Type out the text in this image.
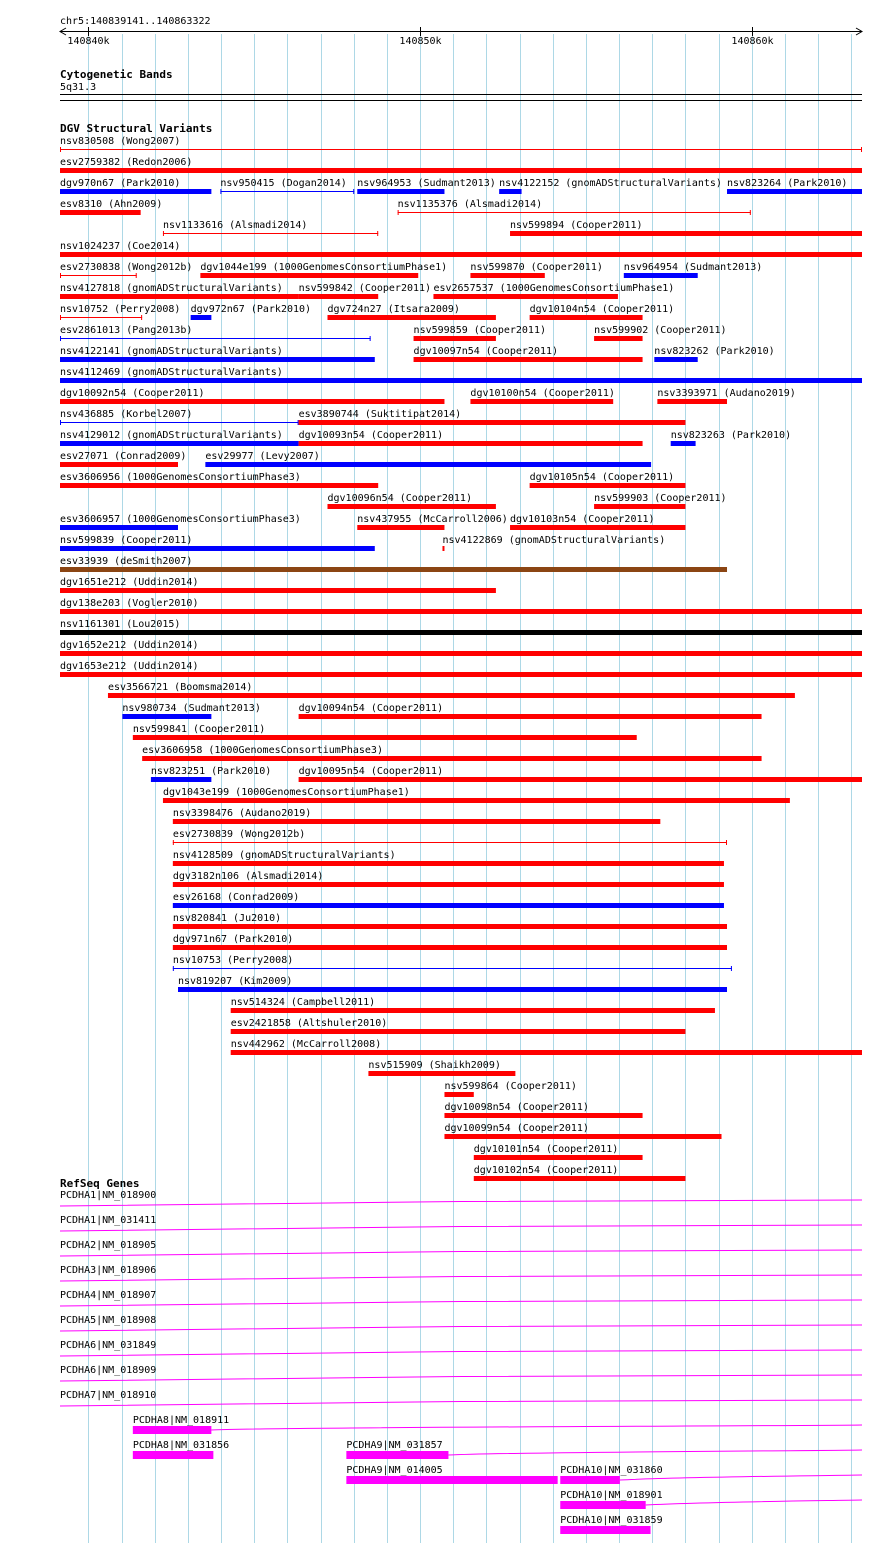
chr5:140839141..140863322
140840k	140850k	140860k
Cytogenetic Bands
5q31.3
DGV Structural Variants
nsv830508 (Wong2007)
esv2759382 (Redon2006)
dgv970n67 (Park2010)	nsv950415 (Dogan2014) nsv964953 (Sudmant2013) nsv4122152 (gnomADStructuralVariants) nsv823264 (Park2010)
esv8310 (Ahn2009)
nsv1133616 (Alsmadi2014)
nsv1135376 (Alsmadi2014)
nsv1024237 (Coe2014)
nsv599894 (Cooper2011)
esv2730838 (Wong2012b) dgv1044e199 (1000GenomesConsortiumPhase1) nsv599870 (Cooper2011) nsv964954 (Sudmant2013)
nsv4127818 (gnomADStructuralVariants) nsv599842 (Cooper2011) esv2657537 (1000GenomesConsortiumPhase1)
nsv10752 (Perry2008) dgv972n67 (Park2010) dgv724n27 (Itsara2009)	dgv10104n54 (Cooper2011)
esv2861013 (Pang2013b)	nsv599859 (Cooper2011)	nsv599902 (Cooper2011)
nsv4122141 (gnomADStructuralVariants)	dgv10097n54 (Cooper2011)	nsv823262 (Park2010)
nsv4112469 (gnomADStructuralVariants)
dgv10092n54 (Cooper2011)	dgv10100n54 (Cooper2011)	nsv3393971 (Audano2019)
nsv436885 (Korbel2007)	esv3890744 (Suktitipat2014)
nsv4129012 (gnomADStructuralVariants) dgv10093n54 (Cooper2011)	nsv823263 (Park2010)
esv27071 (Conrad2009) esv29977 (Levy2007)
esv3606956 (1000GenomesConsortiumPhase3)
dgv10096n54 (Cooper2011)
dgv10105n54 (Cooper2011)
esv3606957 (1000GenomesConsortiumPhase3)	nsv437955 (McCarroll2006)
nsv599903 (Cooper2011)
nsv599839 (Cooper2011)	nsv4122869 (gnomADStructuralVariants)
esv33939 (deSmith2007)
dgv1651e212 (Uddin2014)
dgv10103n54 (Cooper2011)
dgv138e203 (Vogler2010)
nsv1161301 (Lou2015)
dgv1652e212 (Uddin2014)
dgv1653e212 (Uddin2014)
esv3566721 (Boomsma2014)
nsv980734 (Sudmant2013)	dgv10094n54 (Cooper2011)
nsv599841 (Cooper2011)
esv3606958 (1000GenomesConsortiumPhase3)
nsv823251 (Park2010)	dgv10095n54 (Cooper2011)
dgv1043e199 (1000GenomesConsortiumPhase1)
nsv3398476 (Audano2019)
esv2730839 (Wong2012b)
nsv4128509 (gnomADStructuralVariants)
dgv3182n106 (Alsmadi2014)
esv26168 (Conrad2009)
nsv820841 (Ju2010)
dgv971n67 (Park2010)
nsv10753 (Perry2008)
nsv819207 (Kim2009)
nsv514324 (Campbell2011)
esv2421858 (Altshuler2010)
nsv442962 (McCarroll2008)
nsv515909 (Shaikh2009)
nsv599864 (Cooper2011)
dgv10098n54 (Cooper2011)
dgv10099n54 (Cooper2011)
dgv10101n54 (Cooper2011)
dgv10102n54 (Cooper2011)
RefSeq Genes
PCDHA1|NM_018900
PCDHA1|NM_031411
PCDHA2|NM_018905
PCDHA3|NM_018906
PCDHA4|NM_018907
PCDHA5|NM_018908
PCDHA6|NM_031849
PCDHA6|NM_018909
PCDHA7|NM_018910
PCDHA8|NM_018911
PCDHA8|NM_031856	PCDHA9|NM_031857
PCDHA9|NM_014005	PCDHA10|NM_031860
PCDHA10|NM_018901
PCDHA10|NM_031859
